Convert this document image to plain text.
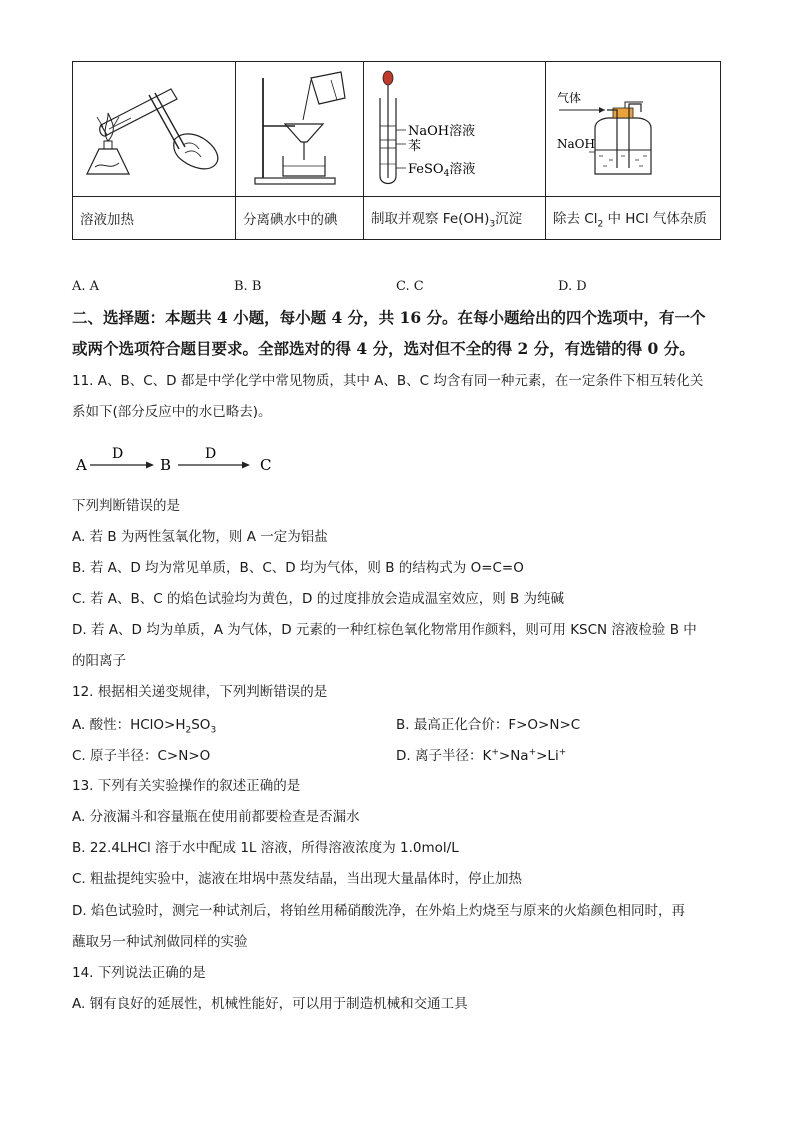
NaOH溶液
苯
FeSO$_4$溶液	气体
NaOH

溶液加热	分离碘水中的碘	制取并观察 $Fe(OH)_3$沉淀	除去 $Cl_2$ 中 HCl 气体杂质
A. A	B. B	C. C	D. D
二、选择题：本题共 4 小题，每小题 4 分，共 16 分。在每小题给出的四个选项中，有一个
或两个选项符合题目要求。全部选对的得 4 分，选对但不全的得 2 分，有选错的得 0 分。
11. A、B、C、D 都是中学化学中常见物质，其中 A、B、C 均含有同一种元素，在一定条件下相互转化关
系如下(部分反应中的水已略去)。
A
D
B
D
C
下列判断错误的是
A. 若 B 为两性氢氧化物，则 A 一定为铝盐
B. 若 A、D 均为常见单质，B、C、D 均为气体，则 B 的结构式为 O=C=O
C. 若 A、B、C 的焰色试验均为黄色，D 的过度排放会造成温室效应，则 B 为纯碱
D. 若 A、D 均为单质，A 为气体，D 元素的一种红棕色氧化物常用作颜料，则可用 KSCN 溶液检验 B 中
的阳离子
12. 根据相关递变规律，下列判断错误的是
A. 酸性：$HClO>H_2SO_3$	B. 最高正化合价：F>O>N>C
C. 原子半径：C>N>O	D. 离子半径：K+>Na+>Li+
13. 下列有关实验操作的叙述正确的是
A. 分液漏斗和容量瓶在使用前都要检查是否漏水
B. 22.4LHCl 溶于水中配成 1L 溶液，所得溶液浓度为 1.0mol/L
C. 粗盐提纯实验中，滤液在坩埚中蒸发结晶，当出现大量晶体时，停止加热
D. 焰色试验时，测完一种试剂后，将铂丝用稀硝酸洗净，在外焰上灼烧至与原来的火焰颜色相同时，再
蘸取另一种试剂做同样的实验
14. 下列说法正确的是
A. 钢有良好的延展性，机械性能好，可以用于制造机械和交通工具
